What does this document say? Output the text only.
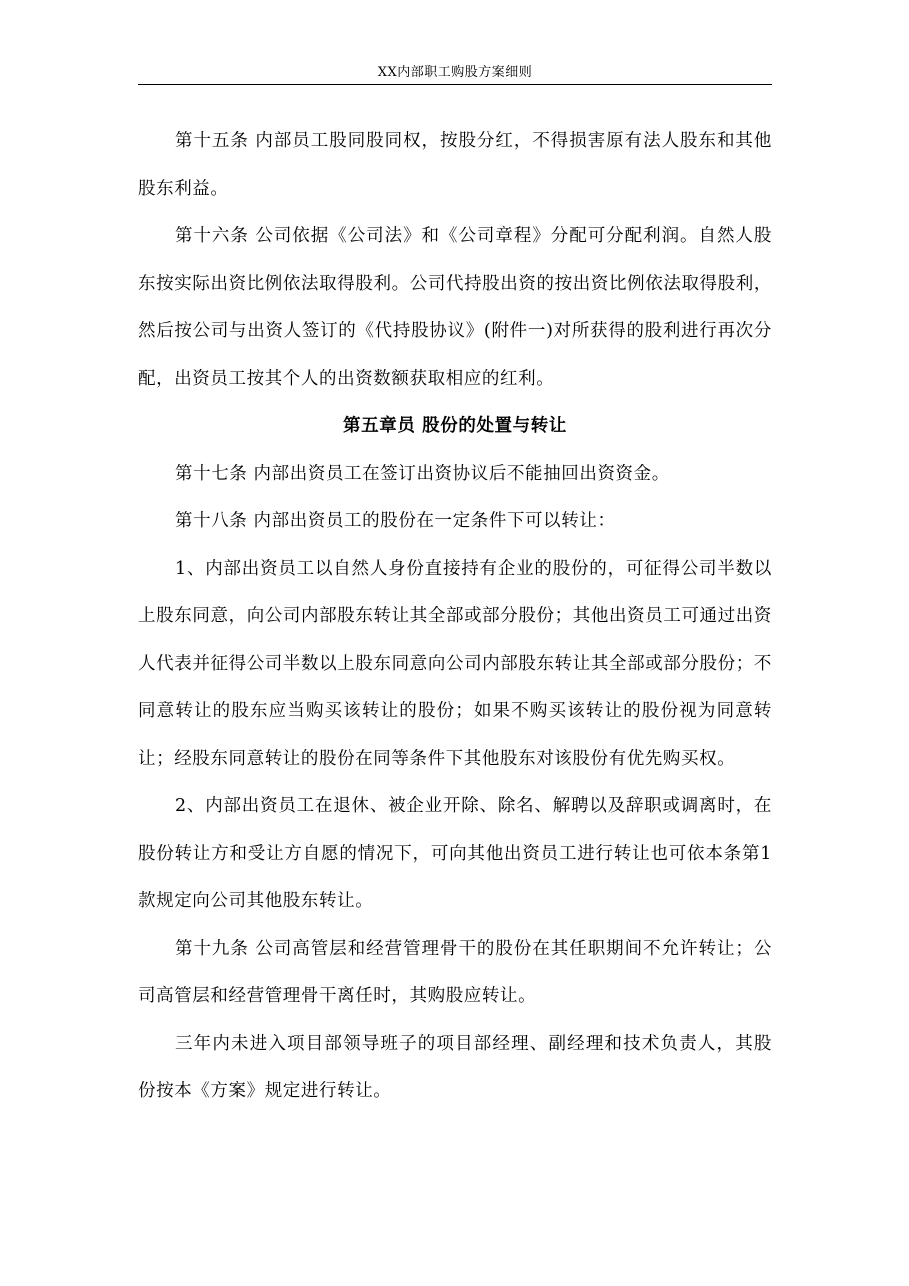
XX内部职工购股方案细则

第十五条 内部员工股同股同权，按股分红，不得损害原有法人股东和其他股东利益。

第十六条 公司依据《公司法》和《公司章程》分配可分配利润。自然人股东按实际出资比例依法取得股利。公司代持股出资的按出资比例依法取得股利，然后按公司与出资人签订的《代持股协议》(附件一)对所获得的股利进行再次分配，出资员工按其个人的出资数额获取相应的红利。

第五章员 股份的处置与转让

第十七条 内部出资员工在签订出资协议后不能抽回出资资金。

第十八条 内部出资员工的股份在一定条件下可以转让：

1、内部出资员工以自然人身份直接持有企业的股份的，可征得公司半数以上股东同意，向公司内部股东转让其全部或部分股份；其他出资员工可通过出资人代表并征得公司半数以上股东同意向公司内部股东转让其全部或部分股份；不同意转让的股东应当购买该转让的股份；如果不购买该转让的股份视为同意转让；经股东同意转让的股份在同等条件下其他股东对该股份有优先购买权。

2、内部出资员工在退休、被企业开除、除名、解聘以及辞职或调离时，在股份转让方和受让方自愿的情况下，可向其他出资员工进行转让也可依本条第1款规定向公司其他股东转让。

第十九条 公司高管层和经营管理骨干的股份在其任职期间不允许转让；公司高管层和经营管理骨干离任时，其购股应转让。

三年内未进入项目部领导班子的项目部经理、副经理和技术负责人，其股份按本《方案》规定进行转让。
